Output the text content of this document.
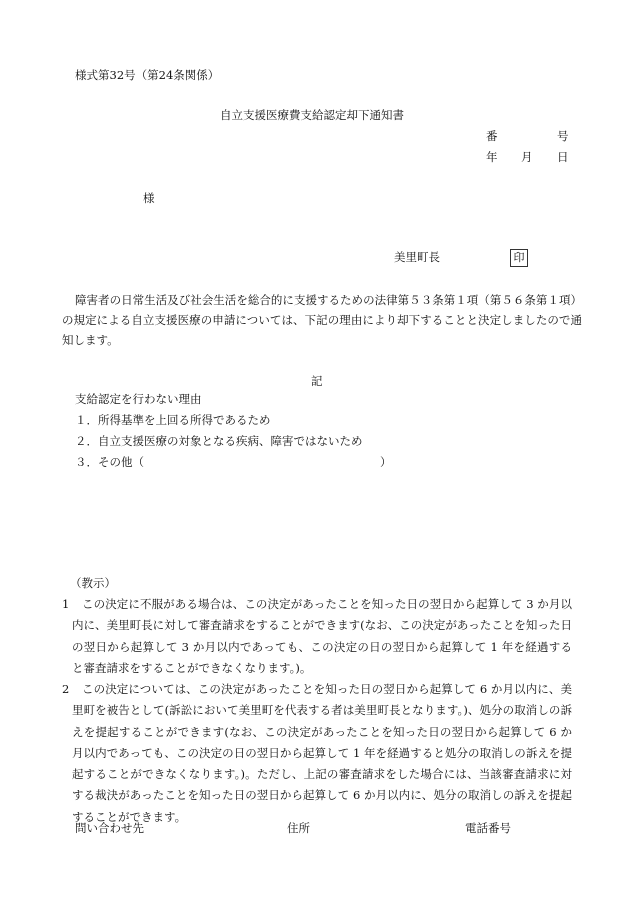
様式第32号（第24条関係）
自立支援医療費支給認定却下通知書
番	号
年 月 日
様
美里町長	印
障害者の日常生活及び社会生活を総合的に支援するための法律第５３条第１項（第５６条第１項）の規定による自立支援医療の申請については、下記の理由により却下することと決定しましたので通知します。
記
支給認定を行わない理由
１．所得基準を上回る所得であるため
２．自立支援医療の対象となる疾病、障害ではないため
３．その他（	）
（教示）
1	この決定に不服がある場合は、この決定があったことを知った日の翌日から起算して 3 か月以内に、美里町長に対して審査請求をすることができます(なお、この決定があったことを知った日の翌日から起算して 3 か月以内であっても、この決定の日の翌日から起算して 1 年を経過すると審査請求をすることができなくなります。)。
2	この決定については、この決定があったことを知った日の翌日から起算して 6 か月以内に、美里町を被告として(訴訟において美里町を代表する者は美里町長となります。)、処分の取消しの訴えを提起することができます(なお、この決定があったことを知った日の翌日から起算して 6 か月以内であっても、この決定の日の翌日から起算して 1 年を経過すると処分の取消しの訴えを提起することができなくなります。)。ただし、上記の審査請求をした場合には、当該審査請求に対する裁決があったことを知った日の翌日から起算して 6 か月以内に、処分の取消しの訴えを提起することができます。
問い合わせ先	住所	電話番号
